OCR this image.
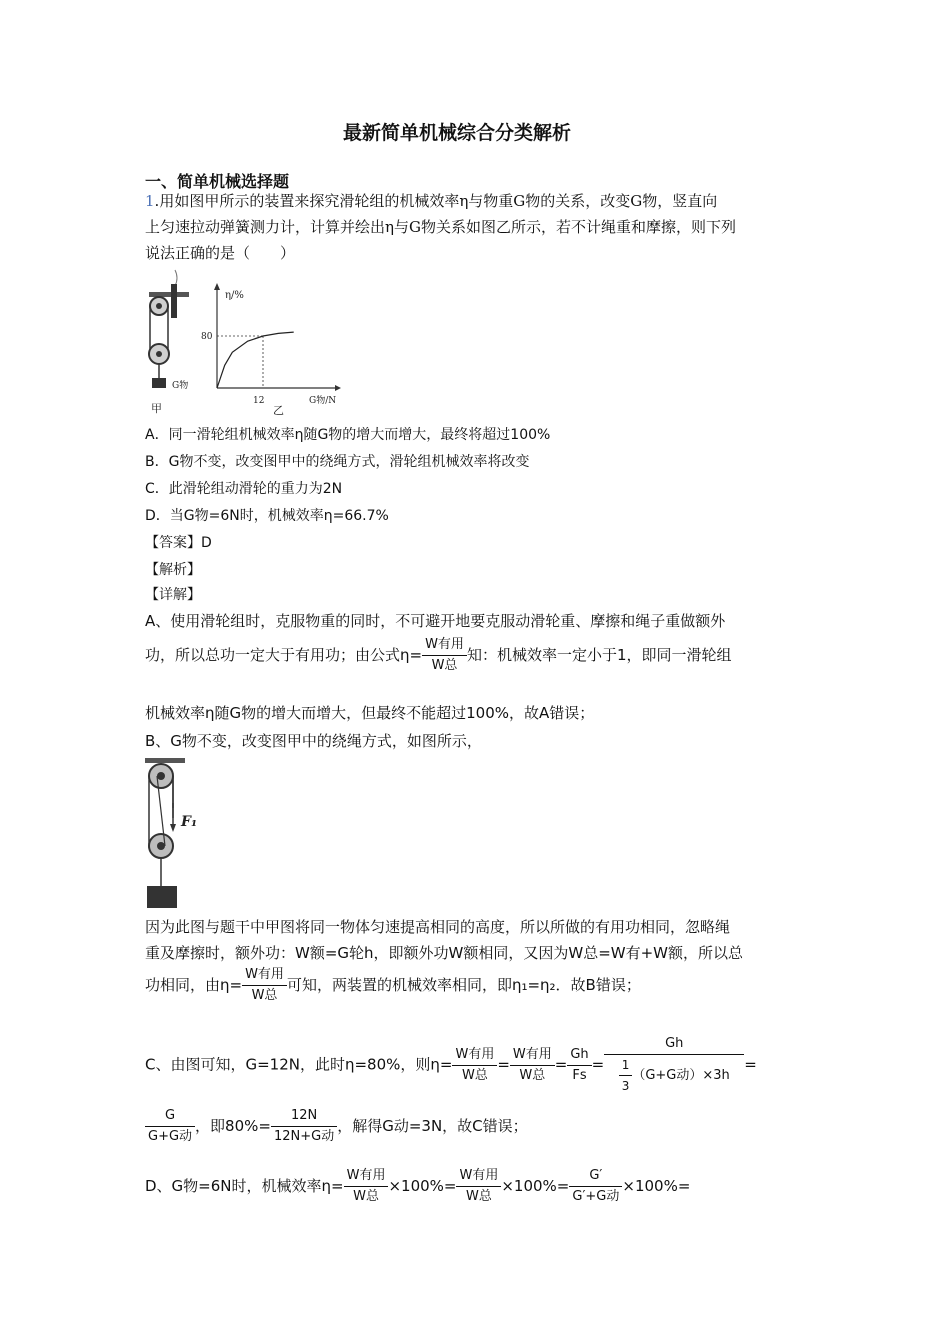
最新简单机械综合分类解析
一、简单机械选择题
1.用如图甲所示的装置来探究滑轮组的机械效率η与物重G物的关系，改变G物，竖直向
上匀速拉动弹簧测力计，计算并绘出η与G物关系如图乙所示，若不计绳重和摩擦，则下列
说法正确的是（　　）
G物
甲
η/%
80
12
乙
G物/N
A．同一滑轮组机械效率η随G物的增大而增大，最终将超过100%
B．G物不变，改变图甲中的绕绳方式，滑轮组机械效率将改变
C．此滑轮组动滑轮的重力为2N
D．当G物=6N时，机械效率η=66.7%
【答案】D
【解析】
【详解】
A、使用滑轮组时，克服物重的同时，不可避开地要克服动滑轮重、摩擦和绳子重做额外
功，所以总功一定大于有用功；由公式$\eta= \frac{\text{W有用}}{\text{W总}}$ 知：机械效率一定小于1，即同一滑轮组
机械效率η随G物的增大而增大，但最终不能超过100%，故A错误；
B、G物不变，改变图甲中的绕绳方式，如图所示，
F₁
因为此图与题干中甲图将同一物体匀速提高相同的高度，所以所做的有用功相同，忽略绳
重及摩擦时，额外功：W额=G轮h，即额外功W额相同，又因为W总=W有+W额，所以总
功相同，由$\eta= \frac{\text{W有用}}{\text{W总}}$ 可知，两装置的机械效率相同，即η₁=η₂．故B错误；
C、由图可知，G=12N，此时η=80%，则$\eta= \frac{\text{W有用}}{\text{W总}} = \frac{\text{W有用}}{\text{W总}} = \frac{Gh}{Fs} = \frac{Gh}{\frac{1}{3} (G+G动)\times 3h}$ =
$\frac{G}{\text{G+G动}}$ ，即$80\%= \frac{12N}{\text{12N+G动}}$ ，解得G动=3N，故C错误；
D、G物=6N时，机械效率$\eta= \frac{\text{W有用}}{\text{W总}} \times 100\%= \frac{\text{W有用}}{\text{W总}} \times 100\%= \frac{G'}{\text{G′+G动}} \times 100\%=$
